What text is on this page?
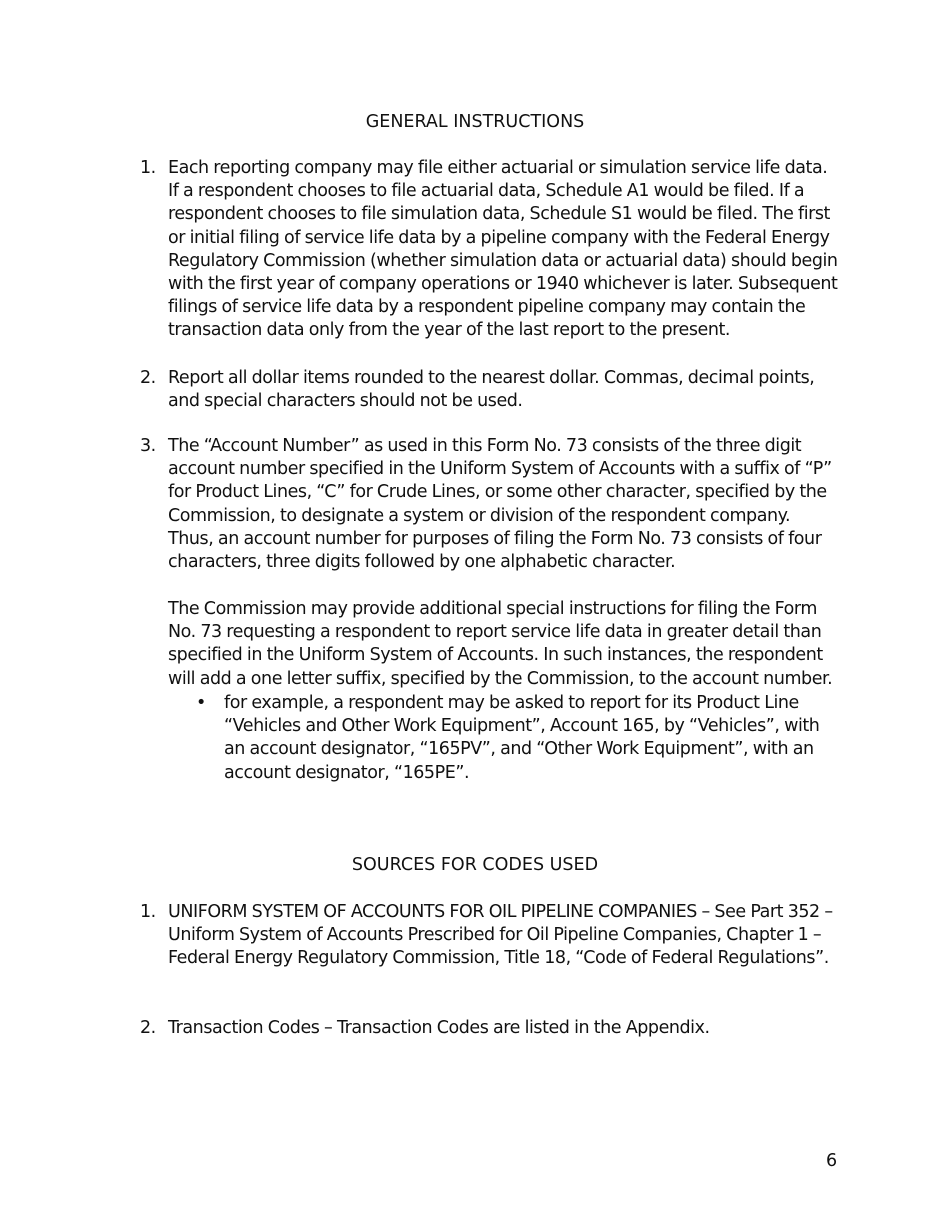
GENERAL INSTRUCTIONS
1. Each reporting company may file either actuarial or simulation service life data. If a respondent chooses to file actuarial data, Schedule A1 would be filed. If a respondent chooses to file simulation data, Schedule S1 would be filed. The first or initial filing of service life data by a pipeline company with the Federal Energy Regulatory Commission (whether simulation data or actuarial data) should begin with the first year of company operations or 1940 whichever is later. Subsequent filings of service life data by a respondent pipeline company may contain the transaction data only from the year of the last report to the present.
2. Report all dollar items rounded to the nearest dollar. Commas, decimal points, and special characters should not be used.
3. The “Account Number” as used in this Form No. 73 consists of the three digit account number specified in the Uniform System of Accounts with a suffix of “P” for Product Lines, “C” for Crude Lines, or some other character, specified by the Commission, to designate a system or division of the respondent company. Thus, an account number for purposes of filing the Form No. 73 consists of four characters, three digits followed by one alphabetic character.
The Commission may provide additional special instructions for filing the Form No. 73 requesting a respondent to report service life data in greater detail than specified in the Uniform System of Accounts. In such instances, the respondent will add a one letter suffix, specified by the Commission, to the account number.
• for example, a respondent may be asked to report for its Product Line “Vehicles and Other Work Equipment”, Account 165, by “Vehicles”, with an account designator, “165PV”, and “Other Work Equipment”, with an account designator, “165PE”.
SOURCES FOR CODES USED
1. UNIFORM SYSTEM OF ACCOUNTS FOR OIL PIPELINE COMPANIES – See Part 352 – Uniform System of Accounts Prescribed for Oil Pipeline Companies, Chapter 1 – Federal Energy Regulatory Commission, Title 18, “Code of Federal Regulations”.
2. Transaction Codes – Transaction Codes are listed in the Appendix.
6
